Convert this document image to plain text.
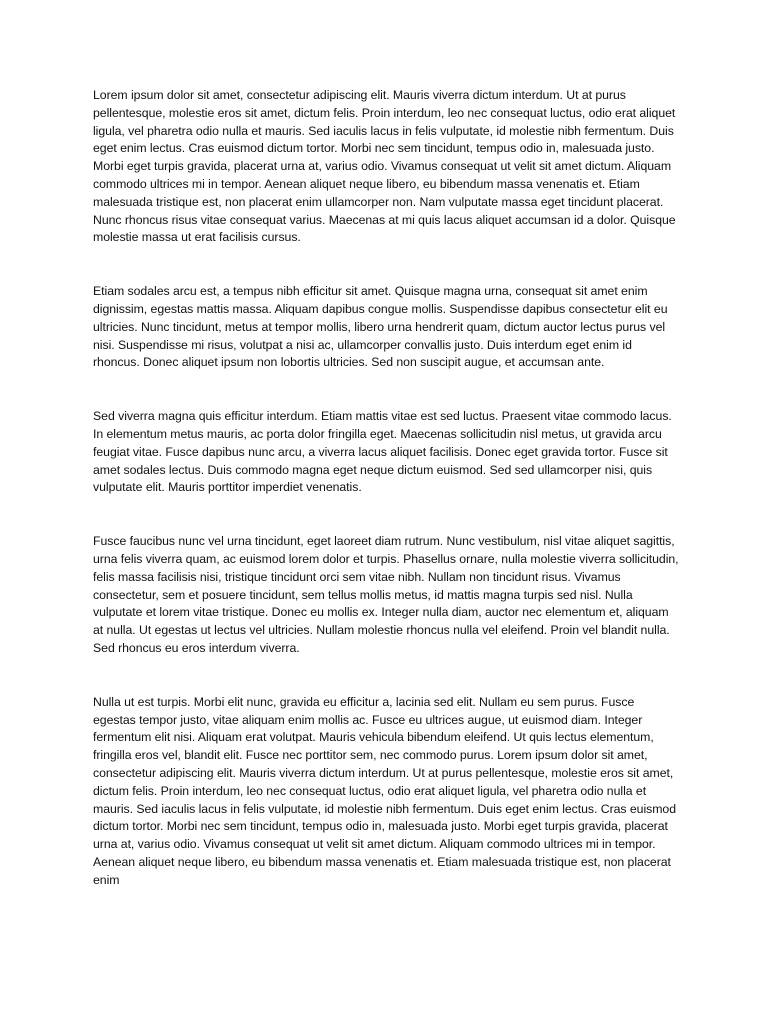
Lorem ipsum dolor sit amet, consectetur adipiscing elit. Mauris viverra dictum interdum. Ut at purus pellentesque, molestie eros sit amet, dictum felis. Proin interdum, leo nec consequat luctus, odio erat aliquet ligula, vel pharetra odio nulla et mauris. Sed iaculis lacus in felis vulputate, id molestie nibh fermentum. Duis eget enim lectus. Cras euismod dictum tortor. Morbi nec sem tincidunt, tempus odio in, malesuada justo. Morbi eget turpis gravida, placerat urna at, varius odio. Vivamus consequat ut velit sit amet dictum. Aliquam commodo ultrices mi in tempor. Aenean aliquet neque libero, eu bibendum massa venenatis et. Etiam malesuada tristique est, non placerat enim ullamcorper non. Nam vulputate massa eget tincidunt placerat. Nunc rhoncus risus vitae consequat varius. Maecenas at mi quis lacus aliquet accumsan id a dolor. Quisque molestie massa ut erat facilisis cursus.

Etiam sodales arcu est, a tempus nibh efficitur sit amet. Quisque magna urna, consequat sit amet enim dignissim, egestas mattis massa. Aliquam dapibus congue mollis. Suspendisse dapibus consectetur elit eu ultricies. Nunc tincidunt, metus at tempor mollis, libero urna hendrerit quam, dictum auctor lectus purus vel nisi. Suspendisse mi risus, volutpat a nisi ac, ullamcorper convallis justo. Duis interdum eget enim id rhoncus. Donec aliquet ipsum non lobortis ultricies. Sed non suscipit augue, et accumsan ante.

Sed viverra magna quis efficitur interdum. Etiam mattis vitae est sed luctus. Praesent vitae commodo lacus. In elementum metus mauris, ac porta dolor fringilla eget. Maecenas sollicitudin nisl metus, ut gravida arcu feugiat vitae. Fusce dapibus nunc arcu, a viverra lacus aliquet facilisis. Donec eget gravida tortor. Fusce sit amet sodales lectus. Duis commodo magna eget neque dictum euismod. Sed sed ullamcorper nisi, quis vulputate elit. Mauris porttitor imperdiet venenatis.

Fusce faucibus nunc vel urna tincidunt, eget laoreet diam rutrum. Nunc vestibulum, nisl vitae aliquet sagittis, urna felis viverra quam, ac euismod lorem dolor et turpis. Phasellus ornare, nulla molestie viverra sollicitudin, felis massa facilisis nisi, tristique tincidunt orci sem vitae nibh. Nullam non tincidunt risus. Vivamus consectetur, sem et posuere tincidunt, sem tellus mollis metus, id mattis magna turpis sed nisl. Nulla vulputate et lorem vitae tristique. Donec eu mollis ex. Integer nulla diam, auctor nec elementum et, aliquam at nulla. Ut egestas ut lectus vel ultricies. Nullam molestie rhoncus nulla vel eleifend. Proin vel blandit nulla. Sed rhoncus eu eros interdum viverra.

Nulla ut est turpis. Morbi elit nunc, gravida eu efficitur a, lacinia sed elit. Nullam eu sem purus. Fusce egestas tempor justo, vitae aliquam enim mollis ac. Fusce eu ultrices augue, ut euismod diam. Integer fermentum elit nisi. Aliquam erat volutpat. Mauris vehicula bibendum eleifend. Ut quis lectus elementum, fringilla eros vel, blandit elit. Fusce nec porttitor sem, nec commodo purus. Lorem ipsum dolor sit amet, consectetur adipiscing elit. Mauris viverra dictum interdum. Ut at purus pellentesque, molestie eros sit amet, dictum felis. Proin interdum, leo nec consequat luctus, odio erat aliquet ligula, vel pharetra odio nulla et mauris. Sed iaculis lacus in felis vulputate, id molestie nibh fermentum. Duis eget enim lectus. Cras euismod dictum tortor. Morbi nec sem tincidunt, tempus odio in, malesuada justo. Morbi eget turpis gravida, placerat urna at, varius odio. Vivamus consequat ut velit sit amet dictum. Aliquam commodo ultrices mi in tempor. Aenean aliquet neque libero, eu bibendum massa venenatis et. Etiam malesuada tristique est, non placerat enim
